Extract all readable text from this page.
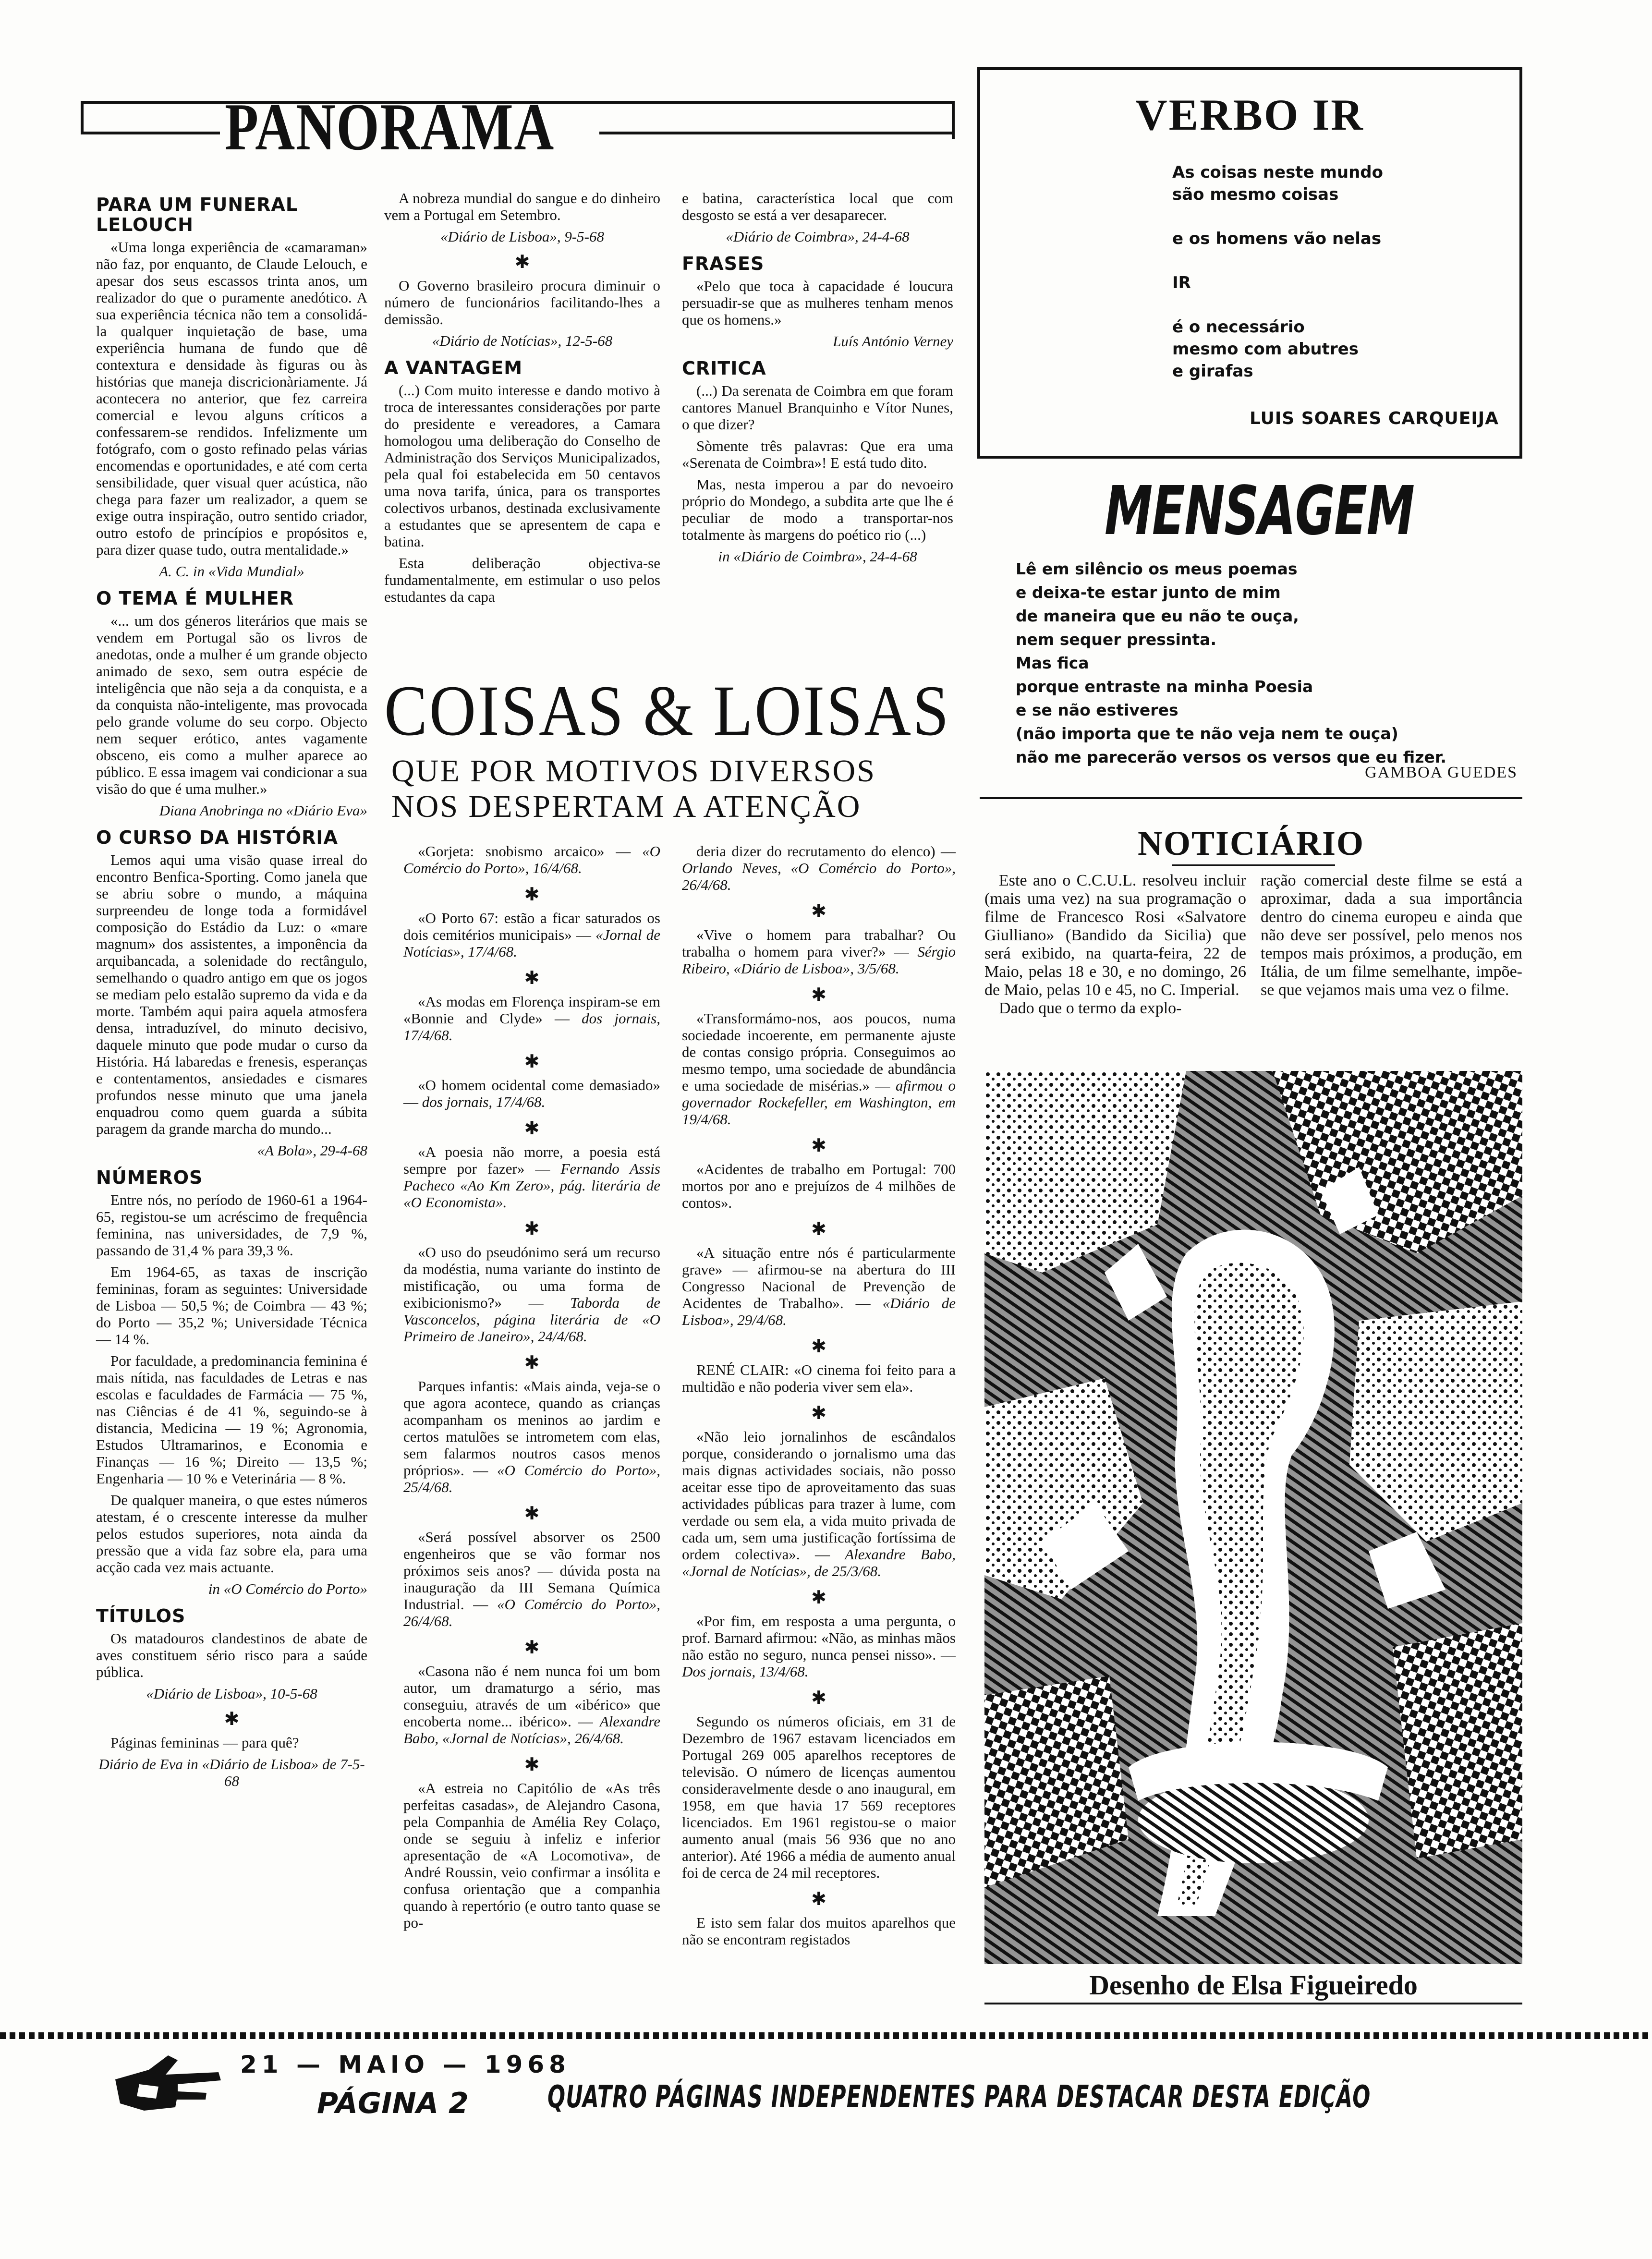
PANORAMA
PARA UM FUNERAL LELOUCH

«Uma longa experiência de «camaraman» não faz, por enquanto, de Claude Lelouch, e apesar dos seus escassos trinta anos, um realizador do que o puramente anedótico. A sua experiência técnica não tem a consolidá-la qualquer inquietação de base, uma experiência humana de fundo que dê contextura e densidade às figuras ou às histórias que maneja discricionàriamente. Já acontecera no anterior, que fez carreira comercial e levou alguns críticos a confessarem-se rendidos. Infelizmente um fotógrafo, com o gosto refinado pelas várias encomendas e oportunidades, e até com certa sensibilidade, quer visual quer acústica, não chega para fazer um realizador, a quem se exige outra inspiração, outro sentido criador, outro estofo de princípios e propósitos e, para dizer quase tudo, outra mentalidade.»

A. C. in «Vida Mundial»
O TEMA É MULHER

«... um dos géneros literários que mais se vendem em Portugal são os livros de anedotas, onde a mulher é um grande objecto animado de sexo, sem outra espécie de inteligência que não seja a da conquista, e a da conquista não-inteligente, mas provocada pelo grande volume do seu corpo. Objecto nem sequer erótico, antes vagamente obsceno, eis como a mulher aparece ao público. E essa imagem vai condicionar a sua visão do que é uma mulher.»

Diana Anobringa no «Diário Eva»
O CURSO DA HISTÓRIA

Lemos aqui uma visão quase irreal do encontro Benfica-Sporting. Como janela que se abriu sobre o mundo, a máquina surpreendeu de longe toda a formidável composição do Estádio da Luz: o «mare magnum» dos assistentes, a imponência da arquibancada, a solenidade do rectângulo, semelhando o quadro antigo em que os jogos se mediam pelo estalão supremo da vida e da morte. Também aqui paira aquela atmosfera densa, intraduzível, do minuto decisivo, daquele minuto que pode mudar o curso da História. Há labaredas e frenesis, esperanças e contentamentos, ansiedades e cismares profundos nesse minuto que uma janela enquadrou como quem guarda a súbita paragem da grande marcha do mundo...

«A Bola», 29-4-68
NÚMEROS

Entre nós, no período de 1960-61 a 1964-65, registou-se um acréscimo de frequência feminina, nas universidades, de 7,9 %, passando de 31,4 % para 39,3 %.

Em 1964-65, as taxas de inscrição femininas, foram as seguintes: Universidade de Lisboa — 50,5 %; de Coimbra — 43 %; do Porto — 35,2 %; Universidade Técnica — 14 %.

Por faculdade, a predominancia feminina é mais nítida, nas faculdades de Letras e nas escolas e faculdades de Farmácia — 75 %, nas Ciências é de 41 %, seguindo-se à distancia, Medicina — 19 %; Agronomia, Estudos Ultramarinos, e Economia e Finanças — 16 %; Direito — 13,5 %; Engenharia — 10 % e Veterinária — 8 %.

De qualquer maneira, o que estes números atestam, é o crescente interesse da mulher pelos estudos superiores, nota ainda da pressão que a vida faz sobre ela, para uma acção cada vez mais actuante.

in «O Comércio do Porto»
TÍTULOS

Os matadouros clandestinos de abate de aves constituem sério risco para a saúde pública.

«Diário de Lisboa», 10-5-68
✱

Páginas femininas — para quê?

Diário de Eva in «Diário de Lisboa» de 7-5-68

A nobreza mundial do sangue e do dinheiro vem a Portugal em Setembro.

«Diário de Lisboa», 9-5-68
✱

O Governo brasileiro procura diminuir o número de funcionários facilitando-lhes a demissão.

«Diário de Notícias», 12-5-68
A VANTAGEM

(...) Com muito interesse e dando motivo à troca de interessantes considerações por parte do presidente e vereadores, a Camara homologou uma deliberação do Conselho de Administração dos Serviços Municipalizados, pela qual foi estabelecida em 50 centavos uma nova tarifa, única, para os transportes colectivos urbanos, destinada exclusivamente a estudantes que se apresentem de capa e batina.

Esta deliberação objectiva-se fundamentalmente, em estimular o uso pelos estudantes da capa

e batina, característica local que com desgosto se está a ver desaparecer.

«Diário de Coimbra», 24-4-68
FRASES

«Pelo que toca à capacidade é loucura persuadir-se que as mulheres tenham menos que os homens.»

Luís António Verney
CRITICA

(...) Da serenata de Coimbra em que foram cantores Manuel Branquinho e Vítor Nunes, o que dizer?

Sòmente três palavras: Que era uma «Serenata de Coimbra»! E está tudo dito.

Mas, nesta imperou a par do nevoeiro próprio do Mondego, a subdita arte que lhe é peculiar de modo a transportar-nos totalmente às margens do poético rio (...)

in «Diário de Coimbra», 24-4-68
VERBO IR
As coisas neste mundo
são mesmo coisas
e os homens vão nelas
IR
é o necessário
mesmo com abutres
e girafas
LUIS SOARES CARQUEIJA
MENSAGEM
Lê em silêncio os meus poemas
e deixa-te estar junto de mim
de maneira que eu não te ouça,
nem sequer pressinta.
Mas fica
porque entraste na minha Poesia
e se não estiveres
(não importa que te não veja nem te ouça)
não me parecerão versos os versos que eu fizer.
GAMBOA GUEDES
COISAS & LOISAS
QUE POR MOTIVOS DIVERSOS
NOS DESPERTAM A ATENÇÃO
«Gorjeta: snobismo arcaico» — «O Comércio do Porto», 16/4/68.
✱
«O Porto 67: estão a ficar saturados os dois cemitérios municipais» — «Jornal de Notícias», 17/4/68.
✱
«As modas em Florença inspiram-se em «Bonnie and Clyde» — dos jornais, 17/4/68.
✱
«O homem ocidental come demasiado» — dos jornais, 17/4/68.
✱
«A poesia não morre, a poesia está sempre por fazer» — Fernando Assis Pacheco «Ao Km Zero», pág. literária de «O Economista».
✱
«O uso do pseudónimo será um recurso da modéstia, numa variante do instinto de mistificação, ou uma forma de exibicionismo?» — Taborda de Vasconcelos, página literária de «O Primeiro de Janeiro», 24/4/68.
✱
Parques infantis: «Mais ainda, veja-se o que agora acontece, quando as crianças acompanham os meninos ao jardim e certos matulões se intrometem com elas, sem falarmos noutros casos menos próprios». — «O Comércio do Porto», 25/4/68.
✱
«Será possível absorver os 2500 engenheiros que se vão formar nos próximos seis anos? — dúvida posta na inauguração da III Semana Química Industrial. — «O Comércio do Porto», 26/4/68.
✱
«Casona não é nem nunca foi um bom autor, um dramaturgo a sério, mas conseguiu, através de um «ibérico» que encobertа nome... ibérico». — Alexandre Babo, «Jornal de Notícias», 26/4/68.
✱
«A estreia no Capitólio de «As três perfeitas casadas», de Alejandro Casona, pela Companhia de Amélia Rey Colaço, onde se seguiu à infeliz e inferior apresentação de «A Locomotiva», de André Roussin, veio confirmar a insólita e confusa orientação que a companhia quando à repertório (e outro tanto quase se po-
deria dizer do recrutamento do elenco) — Orlando Neves, «O Comércio do Porto», 26/4/68.
✱
«Vive o homem para trabalhar? Ou trabalha o homem para viver?» — Sérgio Ribeiro, «Diário de Lisboa», 3/5/68.
✱
«Transformámo-nos, aos poucos, numa sociedade incoerente, em permanente ajuste de contas consigo própria. Conseguimos ao mesmo tempo, uma sociedade de abundância e uma sociedade de misérias.» — afirmou o governador Rockefeller, em Washington, em 19/4/68.
✱
«Acidentes de trabalho em Portugal: 700 mortos por ano e prejuízos de 4 milhões de contos».
✱
«A situação entre nós é particularmente grave» — afirmou-se na abertura do III Congresso Nacional de Prevenção de Acidentes de Trabalho». — «Diário de Lisboa», 29/4/68.
✱
RENÉ CLAIR: «O cinema foi feito para a multidão e não poderia viver sem ela».
✱
«Não leio jornalinhos de escândalos porque, considerando o jornalismo uma das mais dignas actividades sociais, não posso aceitar esse tipo de aproveitamento das suas actividades públicas para trazer à lume, com verdade ou sem ela, a vida muito privada de cada um, sem uma justificação fortíssima de ordem colectiva». — Alexandre Babo, «Jornal de Notícias», de 25/3/68.
✱
«Por fim, em resposta a uma pergunta, o prof. Barnard afirmou: «Não, as minhas mãos não estão no seguro, nunca pensei nisso». — Dos jornais, 13/4/68.
✱
Segundo os números oficiais, em 31 de Dezembro de 1967 estavam licenciados em Portugal 269 005 aparelhos receptores de televisão. O número de licenças aumentou consideravelmente desde o ano inaugural, em 1958, em que havia 17 569 receptores licenciados. Em 1961 registou-se o maior aumento anual (mais 56 936 que no ano anterior). Até 1966 a média de aumento anual foi de cerca de 24 mil receptores.
✱
E isto sem falar dos muitos aparelhos que não se encontram registados
NOTICIÁRIO

Este ano o C.C.U.L. resolveu incluir (mais uma vez) na sua programação o filme de Francesco Rosi «Salvatore Giulliano» (Bandido da Sicilia) que será exibido, na quarta-feira, 22 de Maio, pelas 18 e 30, e no domingo, 26 de Maio, pelas 10 e 45, no C. Imperial.

Dado que o termo da explo-

ração comercial deste filme se está a aproximar, dada a sua importância dentro do cinema europeu e ainda que não deve ser possível, pelo menos nos tempos mais próximos, a produção, em Itália, de um filme semelhante, impõe-se que vejamos mais uma vez o filme.

Desenho de Elsa Figueiredo
21 — MAIO — 1968
PÁGINA 2	QUATRO PÁGINAS INDEPENDENTES PARA DESTACAR DESTA EDIÇÃO
